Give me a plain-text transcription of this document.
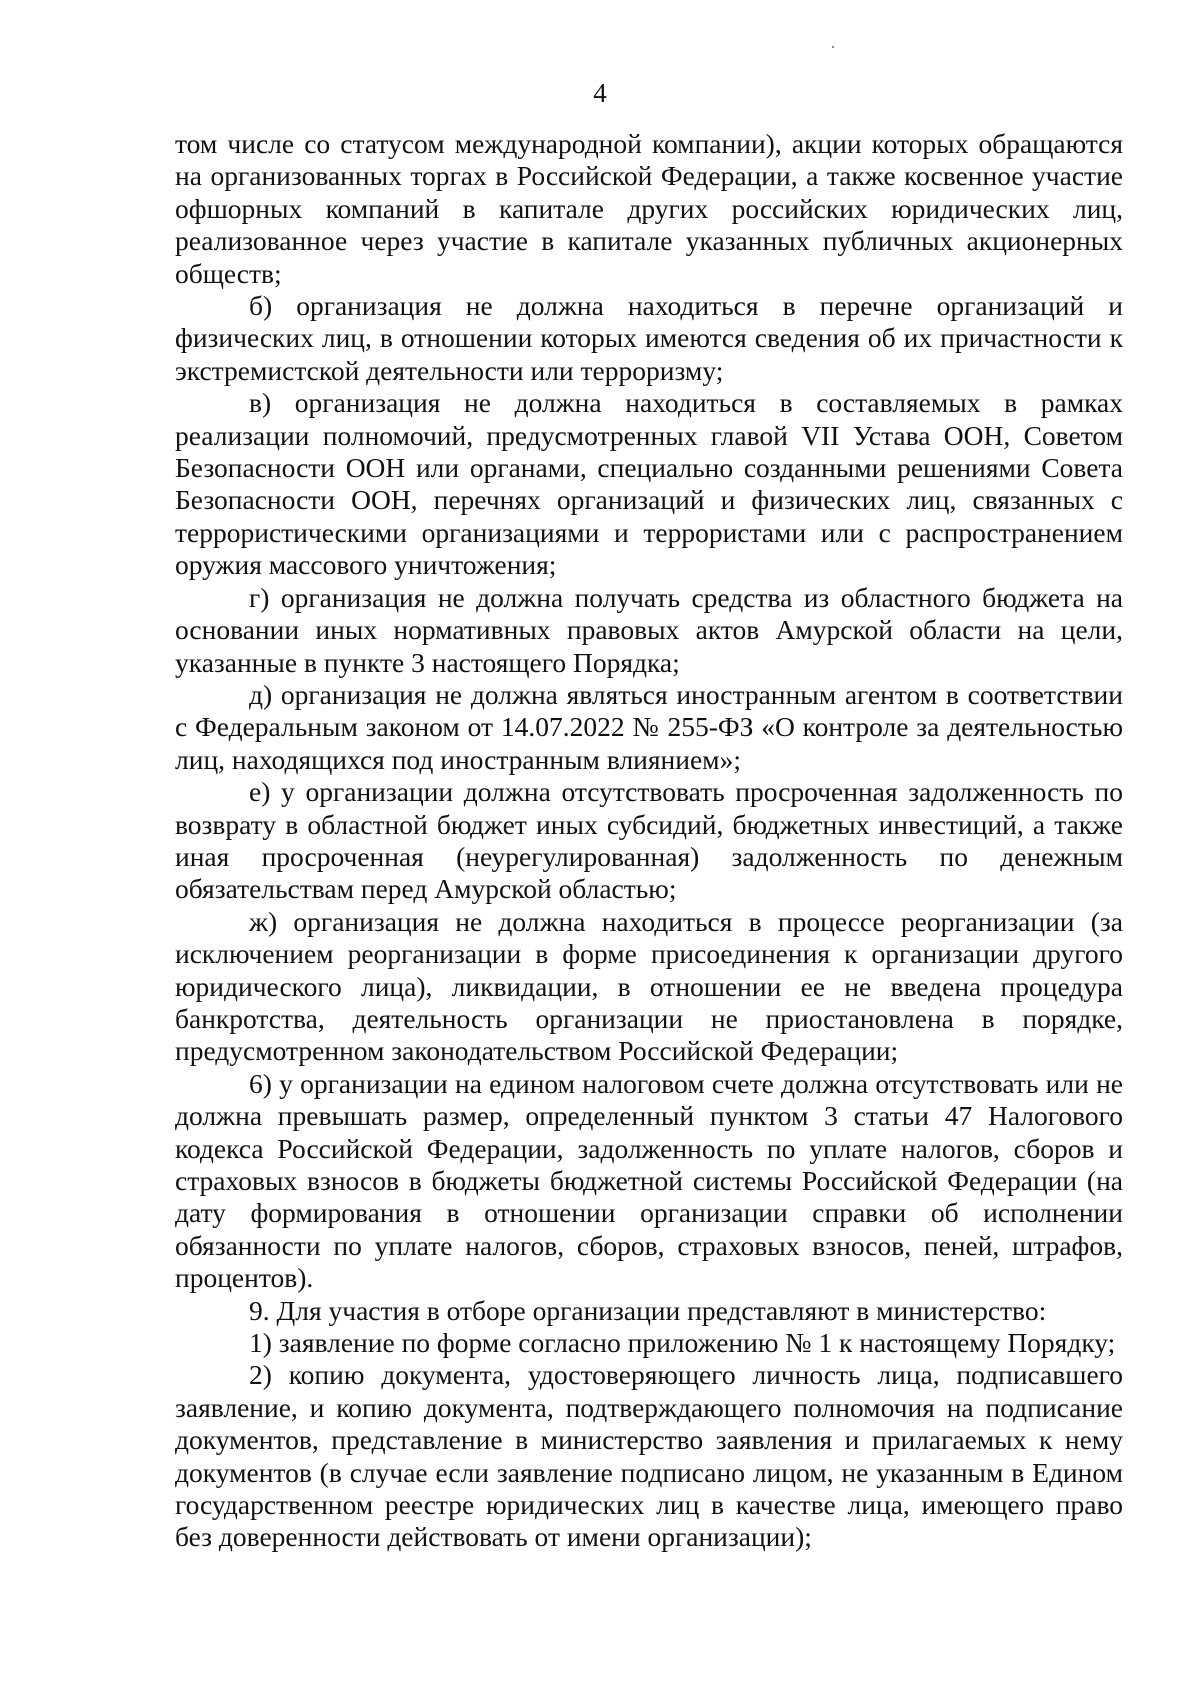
4

том числе со статусом международной компании), акции которых обращаются на организованных торгах в Российской Федерации, а также косвенное участие офшорных компаний в капитале других российских юридических лиц, реализованное через участие в капитале указанных публичных акционерных обществ;

б) организация не должна находиться в перечне организаций и физических лиц, в отношении которых имеются сведения об их причастности к экстремистской деятельности или терроризму;

в) организация не должна находиться в составляемых в рамках реализации полномочий, предусмотренных главой VII Устава ООН, Советом Безопасности ООН или органами, специально созданными решениями Совета Безопасности ООН, перечнях организаций и физических лиц, связанных с террористическими организациями и террористами или с распространением оружия массового уничтожения;

г) организация не должна получать средства из областного бюджета на основании иных нормативных правовых актов Амурской области на цели, указанные в пункте 3 настоящего Порядка;

д) организация не должна являться иностранным агентом в соответствии с Федеральным законом от 14.07.2022 № 255-ФЗ «О контроле за деятельностью лиц, находящихся под иностранным влиянием»;

е) у организации должна отсутствовать просроченная задолженность по возврату в областной бюджет иных субсидий, бюджетных инвестиций, а также иная просроченная (неурегулированная) задолженность по денежным обязательствам перед Амурской областью;

ж) организация не должна находиться в процессе реорганизации (за исключением реорганизации в форме присоединения к организации другого юридического лица), ликвидации, в отношении ее не введена процедура банкротства, деятельность организации не приостановлена в порядке, предусмотренном законодательством Российской Федерации;

6) у организации на едином налоговом счете должна отсутствовать или не должна превышать размер, определенный пунктом 3 статьи 47 Налогового кодекса Российской Федерации, задолженность по уплате налогов, сборов и страховых взносов в бюджеты бюджетной системы Российской Федерации (на дату формирования в отношении организации справки об исполнении обязанности по уплате налогов, сборов, страховых взносов, пеней, штрафов, процентов).

9. Для участия в отборе организации представляют в министерство:

1) заявление по форме согласно приложению № 1 к настоящему Порядку;

2) копию документа, удостоверяющего личность лица, подписавшего заявление, и копию документа, подтверждающего полномочия на подписание документов, представление в министерство заявления и прилагаемых к нему документов (в случае если заявление подписано лицом, не указанным в Едином государственном реестре юридических лиц в качестве лица, имеющего право без доверенности действовать от имени организации);
